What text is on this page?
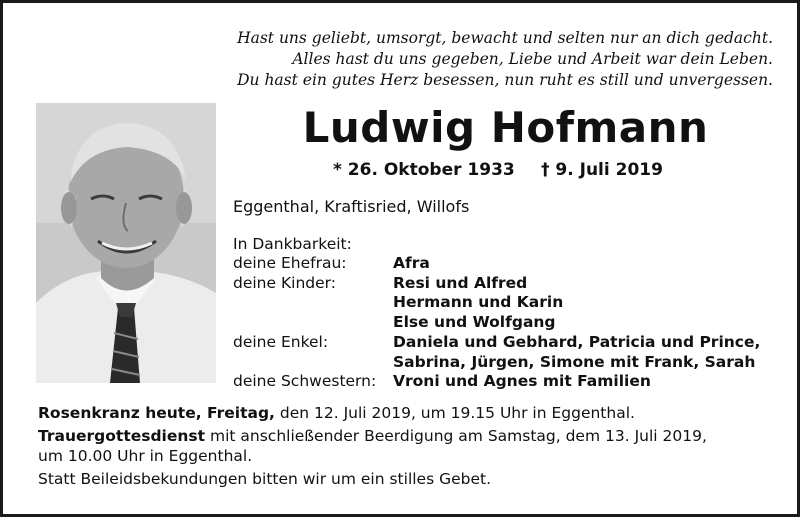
Hast uns geliebt, umsorgt, bewacht und selten nur an dich gedacht.
Alles hast du uns gegeben, Liebe und Arbeit war dein Leben.
Du hast ein gutes Herz besessen, nun ruht es still und unvergessen.
Ludwig Hofmann
* 26. Oktober 1933 † 9. Juli 2019
Eggenthal, Kraftisried, Willofs
In Dankbarkeit:
deine Ehefrau:	Afra
deine Kinder:	Resi und Alfred
Hermann und Karin
Else und Wolfgang
deine Enkel:	Daniela und Gebhard, Patricia und Prince,
Sabrina, Jürgen, Simone mit Frank, Sarah
deine Schwestern:	Vroni und Agnes mit Familien

Rosenkranz heute, Freitag, den 12. Juli 2019, um 19.15 Uhr in Eggenthal.

Trauergottesdienst mit anschließender Beerdigung am Samstag, dem 13. Juli 2019,
um 10.00 Uhr in Eggenthal.

Statt Beileidsbekundungen bitten wir um ein stilles Gebet.
